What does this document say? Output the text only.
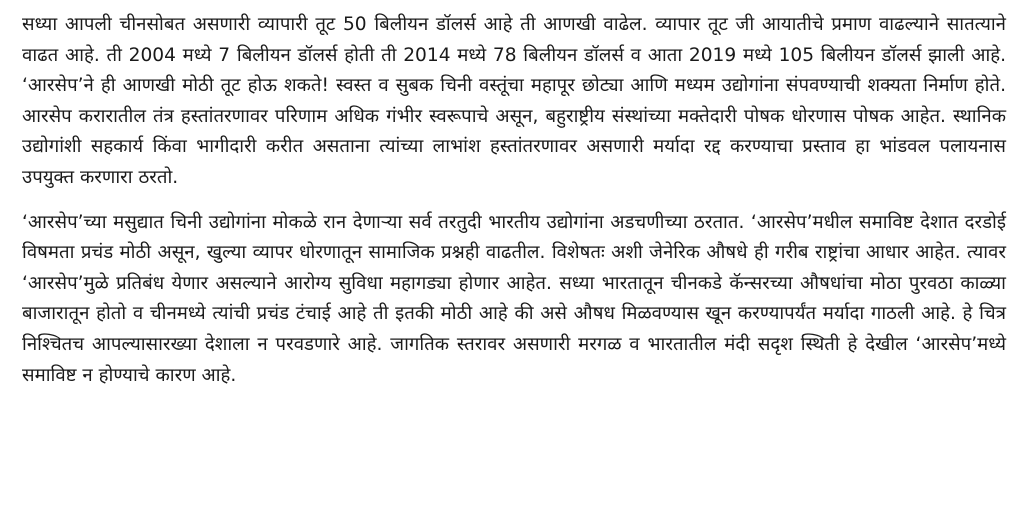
सध्या आपली चीनसोबत असणारी व्यापारी तूट 50 बिलीयन डॉलर्स आहे ती आणखी वाढेल. व्यापार तूट जी आयातीचे प्रमाण वाढल्याने सातत्याने वाढत आहे. ती 2004 मध्ये 7 बिलीयन डॉलर्स होती ती 2014 मध्ये 78 बिलीयन डॉलर्स व आता 2019 मध्ये 105 बिलीयन डॉलर्स झाली आहे. ‘आरसेप’ने ही आणखी मोठी तूट होऊ शकते! स्वस्त व सुबक चिनी वस्तूंचा महापूर छोट्या आणि मध्यम उद्योगांना संपवण्याची शक्यता निर्माण होते. आरसेप करारातील तंत्र हस्तांतरणावर परिणाम अधिक गंभीर स्वरूपाचे असून, बहुराष्ट्रीय संस्थांच्या मक्तेदारी पोषक धोरणास पोषक आहेत. स्थानिक उद्योगांशी सहकार्य किंवा भागीदारी करीत असताना त्यांच्या लाभांश हस्तांतरणावर असणारी मर्यादा रद्द करण्याचा प्रस्ताव हा भांडवल पलायनास उपयुक्त करणारा ठरतो.

‘आरसेप’च्या मसुद्यात चिनी उद्योगांना मोकळे रान देणाऱ्या सर्व तरतुदी भारतीय उद्योगांना अडचणीच्या ठरतात. ‘आरसेप’मधील समाविष्ट देशात दरडोई विषमता प्रचंड मोठी असून, खुल्या व्यापर धोरणातून सामाजिक प्रश्नही वाढतील. विशेषतः अशी जेनेरिक औषधे ही गरीब राष्ट्रांचा आधार आहेत. त्यावर ‘आरसेप’मुळे प्रतिबंध येणार असल्याने आरोग्य सुविधा महागड्या होणार आहेत. सध्या भारतातून चीनकडे कॅन्सरच्या औषधांचा मोठा पुरवठा काळ्या बाजारातून होतो व चीनमध्ये त्यांची प्रचंड टंचाई आहे ती इतकी मोठी आहे की असे औषध मिळवण्यास खून करण्यापर्यंत मर्यादा गाठली आहे. हे चित्र निश्चितच आपल्यासारख्या देशाला न परवडणारे आहे. जागतिक स्तरावर असणारी मरगळ व भारतातील मंदी सदृश स्थिती हे देखील ‘आरसेप’मध्ये समाविष्ट न होण्याचे कारण आहे.
